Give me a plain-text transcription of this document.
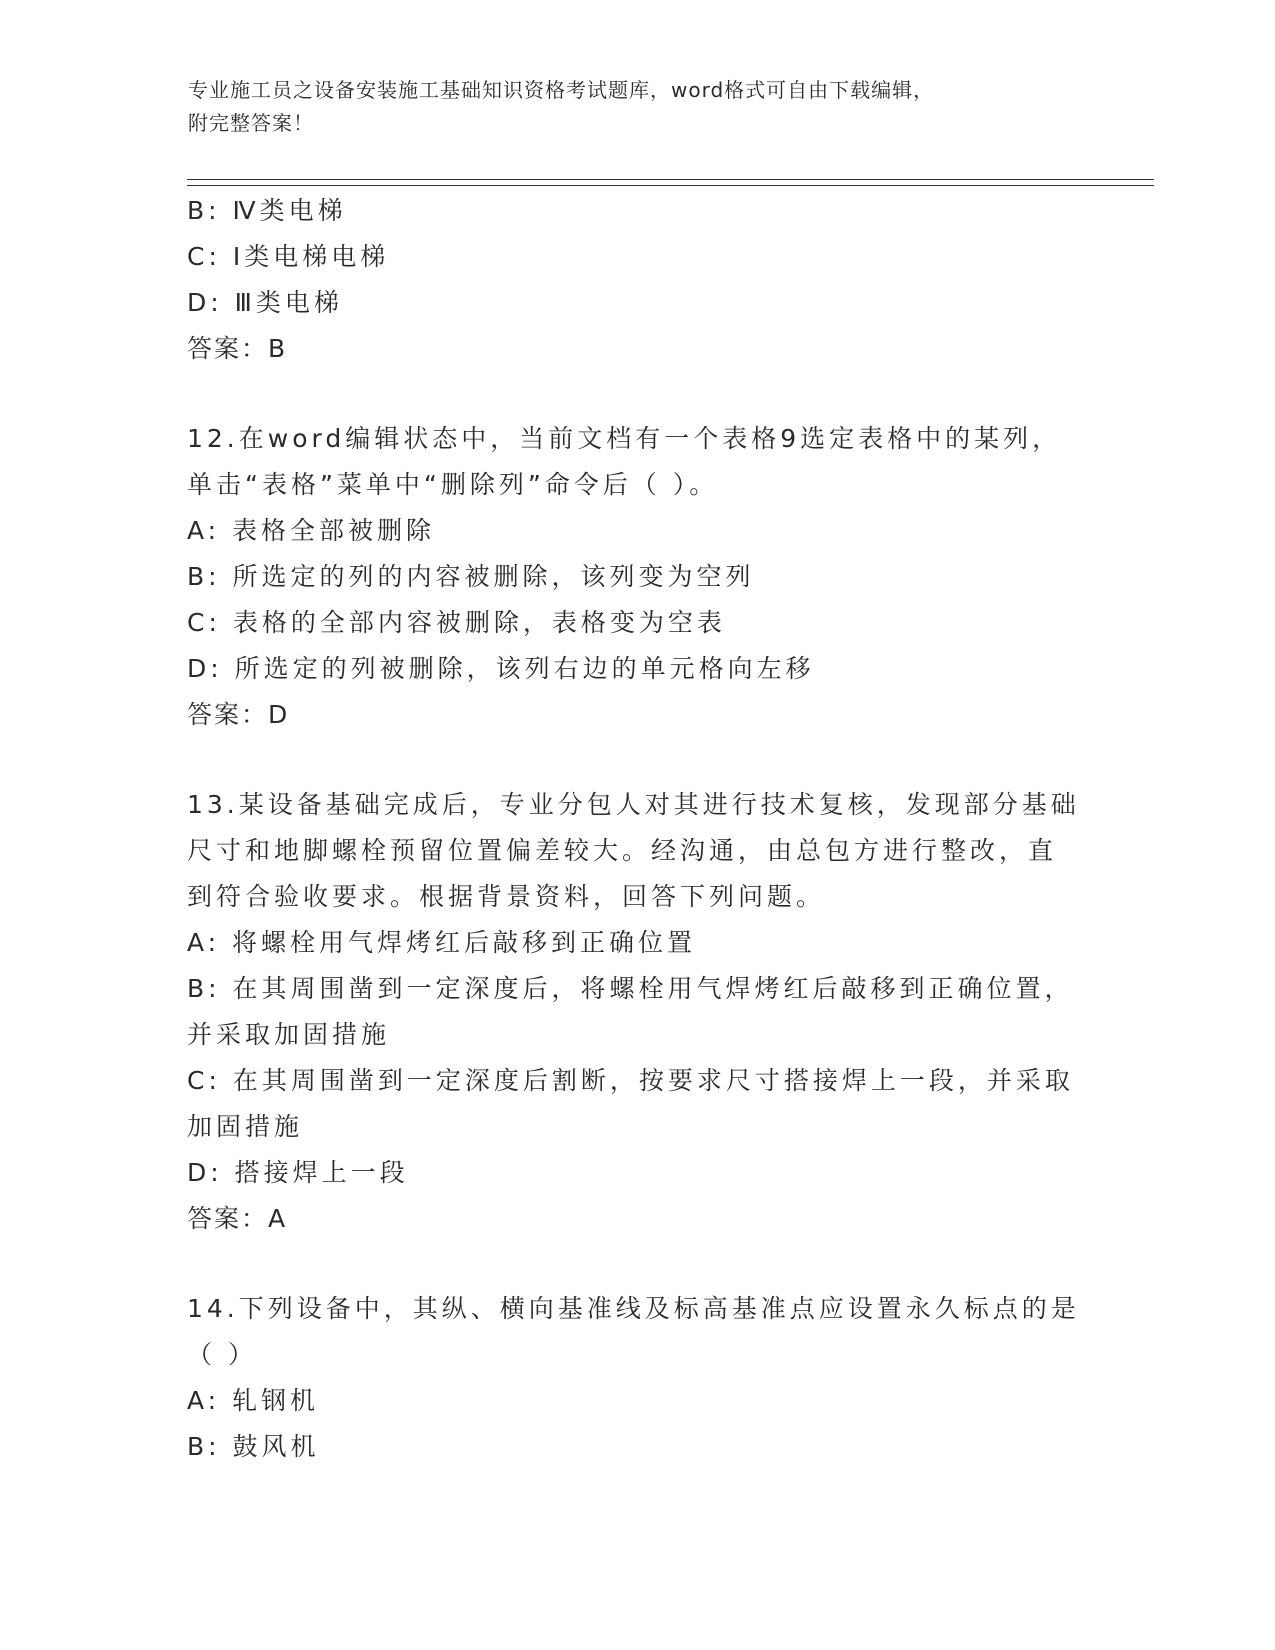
专业施工员之设备安装施工基础知识资格考试题库，word格式可自由下载编辑，
附完整答案！
B: Ⅳ类电梯
C: Ⅰ类电梯电梯
D: Ⅲ类电梯
答案：B
12.在word编辑状态中，当前文档有一个表格9选定表格中的某列，
单击“表格”菜单中“删除列”命令后（ ）。
A: 表格全部被删除
B: 所选定的列的内容被删除，该列变为空列
C: 表格的全部内容被删除，表格变为空表
D: 所选定的列被删除，该列右边的单元格向左移
答案：D
13.某设备基础完成后，专业分包人对其进行技术复核，发现部分基础
尺寸和地脚螺栓预留位置偏差较大。经沟通，由总包方进行整改，直
到符合验收要求。根据背景资料，回答下列问题。
A: 将螺栓用气焊烤红后敲移到正确位置
B: 在其周围凿到一定深度后，将螺栓用气焊烤红后敲移到正确位置，
并采取加固措施
C: 在其周围凿到一定深度后割断，按要求尺寸搭接焊上一段，并采取
加固措施
D: 搭接焊上一段
答案：A
14.下列设备中，其纵、横向基准线及标高基准点应设置永久标点的是
（ ）
A: 轧钢机
B: 鼓风机
